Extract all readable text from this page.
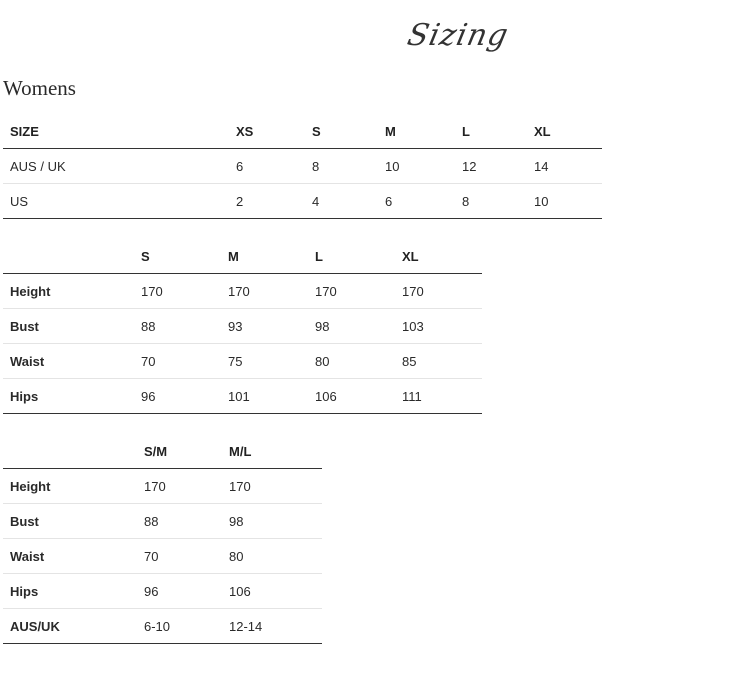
Sizing
Womens
SIZE	XS	S	M	L	XL
AUS / UK	6	8	10	12	14
US	2	4	6	8	10
	S	M	L	XL
Height	170	170	170	170
Bust	88	93	98	103
Waist	70	75	80	85
Hips	96	101	106	111
	S/M	M/L
Height	170	170
Bust	88	98
Waist	70	80
Hips	96	106
AUS/UK	6-10	12-14
